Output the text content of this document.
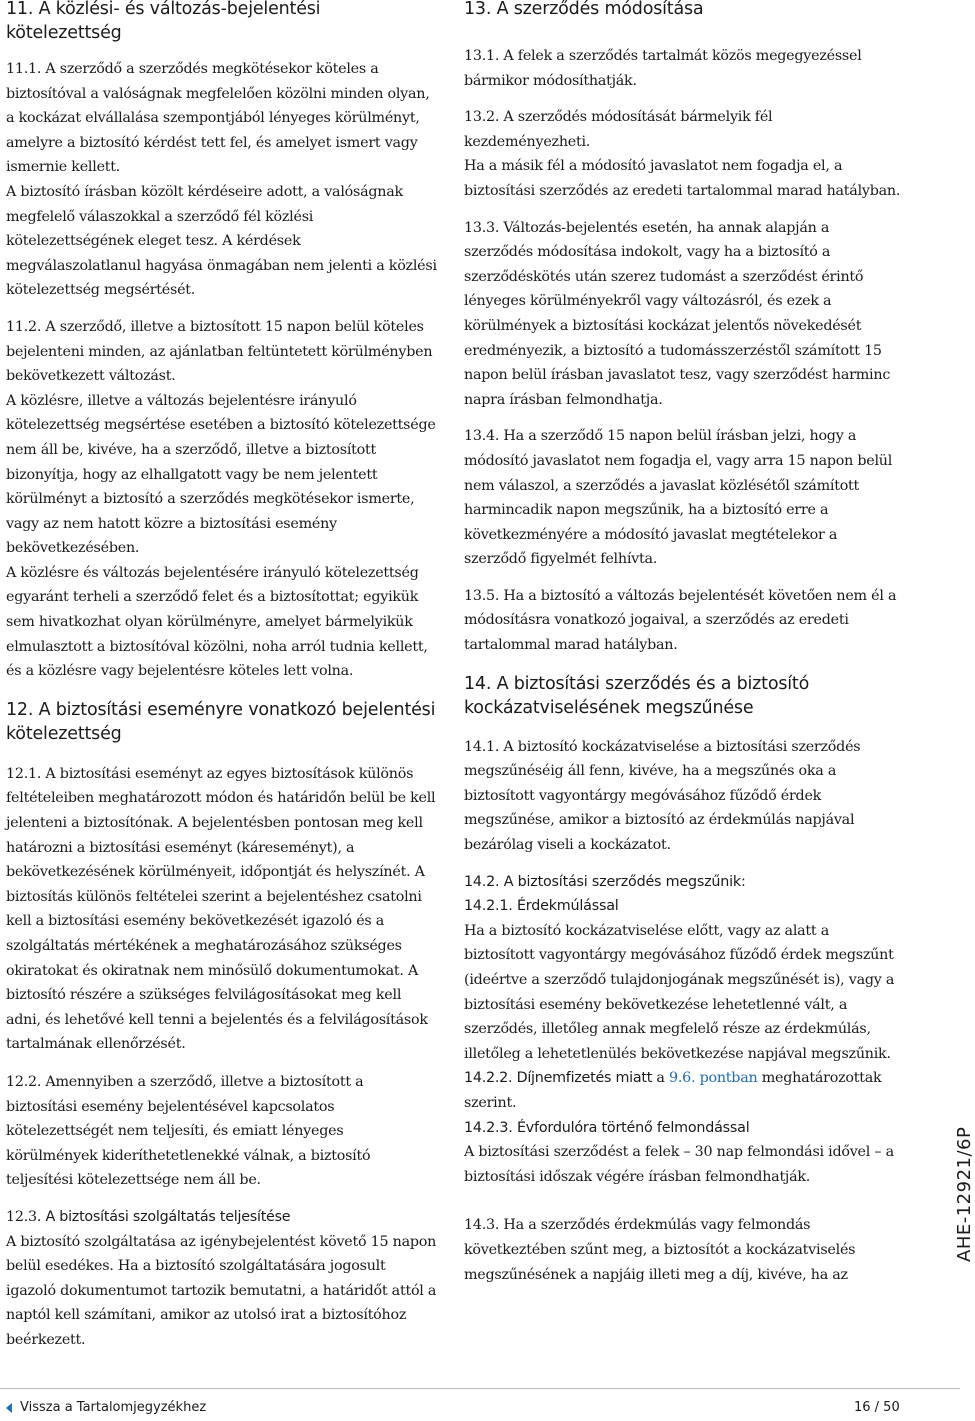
11. A közlési- és változás-bejelentési kötelezettség

11.1. A szerződő a szerződés megkötésekor köteles a biztosítóval a valóságnak megfelelően közölni minden olyan, a kockázat elvállalása szempontjából lényeges körülményt, amelyre a biztosító kérdést tett fel, és amelyet ismert vagy ismernie kellett.

A biztosító írásban közölt kérdéseire adott, a valóságnak megfelelő válaszokkal a szerződő fél közlési kötelezettségének eleget tesz. A kérdések megválaszolatlanul hagyása önmagában nem jelenti a közlési kötelezettség megsértését.

11.2. A szerződő, illetve a biztosított 15 napon belül köteles bejelenteni minden, az ajánlatban feltüntetett körülményben bekövetkezett változást.

A közlésre, illetve a változás bejelentésre irányuló kötelezettség megsértése esetében a biztosító kötelezettsége nem áll be, kivéve, ha a szerződő, illetve a biztosított bizonyítja, hogy az elhallgatott vagy be nem jelentett körülményt a biztosító a szerződés megkötésekor ismerte, vagy az nem hatott közre a biztosítási esemény bekövetkezésében.

A közlésre és változás bejelentésére irányuló kötelezettség egyaránt terheli a szerződő felet és a biztosítottat; egyikük sem hivatkozhat olyan körülményre, amelyet bármelyikük elmulasztott a biztosítóval közölni, noha arról tudnia kellett, és a közlésre vagy bejelentésre köteles lett volna.

12. A biztosítási eseményre vonatkozó bejelentési kötelezettség

12.1. A biztosítási eseményt az egyes biztosítások különös feltételeiben meghatározott módon és határidőn belül be kell jelenteni a biztosítónak. A bejelentésben pontosan meg kell határozni a biztosítási eseményt (káreseményt), a bekövetkezésének körülményeit, időpontját és helyszínét. A biztosítás különös feltételei szerint a bejelentéshez csatolni kell a biztosítási esemény bekövetkezését igazoló és a szolgáltatás mértékének a meghatározásához szükséges okiratokat és okiratnak nem minősülő dokumentumokat. A biztosító részére a szükséges felvilágosításokat meg kell adni, és lehetővé kell tenni a bejelentés és a felvilágosítások tartalmának ellenőrzését.

12.2. Amennyiben a szerződő, illetve a biztosított a biztosítási esemény bejelentésével kapcsolatos kötelezettségét nem teljesíti, és emiatt lényeges körülmények kideríthetetlenekké válnak, a biztosító teljesítési kötelezettsége nem áll be.

12.3. A biztosítási szolgáltatás teljesítése

A biztosító szolgáltatása az igénybejelentést követő 15 napon belül esedékes. Ha a biztosító szolgáltatására jogosult igazoló dokumentumot tartozik bemutatni, a határidőt attól a naptól kell számítani, amikor az utolsó irat a biztosítóhoz beérkezett.

13. A szerződés módosítása

13.1. A felek a szerződés tartalmát közös megegyezéssel bármikor módosíthatják.

13.2. A szerződés módosítását bármelyik fél kezdeményezheti.

Ha a másik fél a módosító javaslatot nem fogadja el, a biztosítási szerződés az eredeti tartalommal marad hatályban.

13.3. Változás-bejelentés esetén, ha annak alapján a szerződés módosítása indokolt, vagy ha a biztosító a szerződéskötés után szerez tudomást a szerződést érintő lényeges körülményekről vagy változásról, és ezek a körülmények a biztosítási kockázat jelentős növekedését eredményezik, a biztosító a tudomásszerzéstől számított 15 napon belül írásban javaslatot tesz, vagy szerződést harminc napra írásban felmondhatja.

13.4. Ha a szerződő 15 napon belül írásban jelzi, hogy a módosító javaslatot nem fogadja el, vagy arra 15 napon belül nem válaszol, a szerződés a javaslat közlésétől számított harmincadik napon megszűnik, ha a biztosító erre a következményére a módosító javaslat megtételekor a szerződő figyelmét felhívta.

13.5. Ha a biztosító a változás bejelentését követően nem él a módosításra vonatkozó jogaival, a szerződés az eredeti tartalommal marad hatályban.

14. A biztosítási szerződés és a biztosító kockázatviselésének megszűnése

14.1. A biztosító kockázatviselése a biztosítási szerződés megszűnéséig áll fenn, kivéve, ha a megszűnés oka a biztosított vagyontárgy megóvásához fűződő érdek megszűnése, amikor a biztosító az érdekmúlás napjával bezárólag viseli a kockázatot.

14.2. A biztosítási szerződés megszűnik:

14.2.1. Érdekmúlással

Ha a biztosító kockázatviselése előtt, vagy az alatt a biztosított vagyontárgy megóvásához fűződő érdek megszűnt (ideértve a szerződő tulajdonjogának megszűnését is), vagy a biztosítási esemény bekövetkezése lehetetlenné vált, a szerződés, illetőleg annak megfelelő része az érdekmúlás, illetőleg a lehetetlenülés bekövetkezése napjával megszűnik.

14.2.2. Díjnemfizetés miatt a 9.6. pontban meghatározottak szerint.

14.2.3. Évfordulóra történő felmondással

A biztosítási szerződést a felek – 30 nap felmondási idővel – a biztosítási időszak végére írásban felmondhatják.

14.3. Ha a szerződés érdekmúlás vagy felmondás következtében szűnt meg, a biztosítót a kockázatviselés megszűnésének a napjáig illeti meg a díj, kivéve, ha az

AHE-12921/6P
Vissza a Tartalomjegyzékhez	16 / 50
